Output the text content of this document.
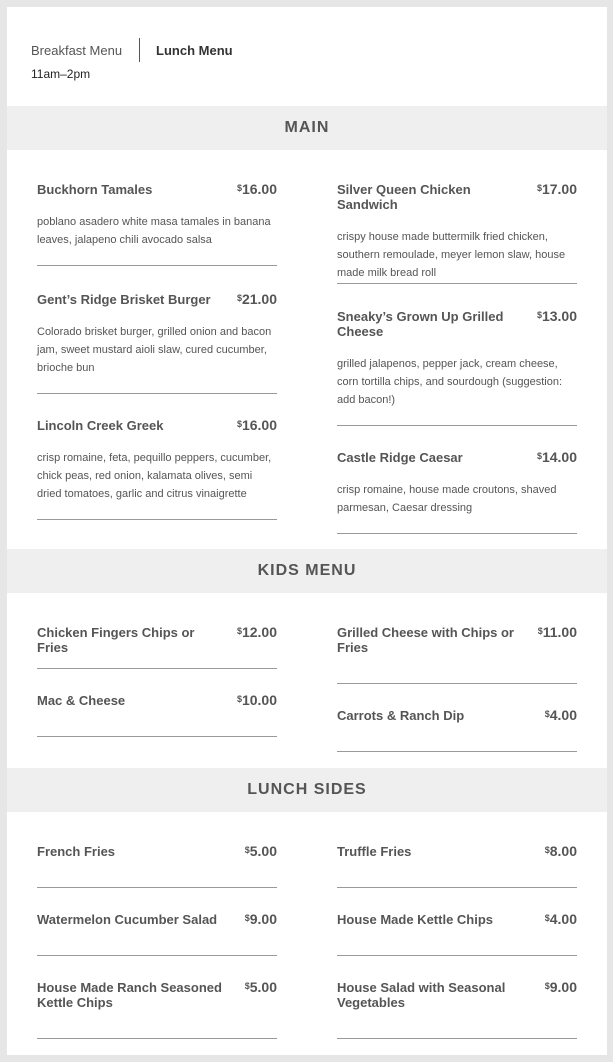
Breakfast Menu	Lunch Menu
11am–2pm
MAIN
Buckhorn Tamales	$16.00
poblano asadero white masa tamales in banana leaves, jalapeno chili avocado salsa
Gent’s Ridge Brisket Burger	$21.00
Colorado brisket burger, grilled onion and bacon jam, sweet mustard aioli slaw, cured cucumber, brioche bun
Lincoln Creek Greek	$16.00
crisp romaine, feta, pequillo peppers, cucumber, chick peas, red onion, kalamata olives, semi dried tomatoes, garlic and citrus vinaigrette
Silver Queen Chicken Sandwich
$17.00
crispy house made buttermilk fried chicken, southern remoulade, meyer lemon slaw, house made milk bread roll
Sneaky’s Grown Up Grilled Cheese
$13.00
grilled jalapenos, pepper jack, cream cheese, corn tortilla chips, and sourdough (suggestion: add bacon!)
Castle Ridge Caesar	$14.00
crisp romaine, house made croutons, shaved parmesan, Caesar dressing
KIDS MENU
Chicken Fingers Chips or Fries
$12.00
Mac & Cheese	$10.00
Grilled Cheese with Chips or Fries
$11.00
Carrots & Ranch Dip	$4.00
LUNCH SIDES
French Fries	$5.00
Watermelon Cucumber Salad	$9.00
House Made Ranch Seasoned Kettle Chips
$5.00
Truffle Fries	$8.00
House Made Kettle Chips	$4.00
House Salad with Seasonal Vegetables
$9.00
